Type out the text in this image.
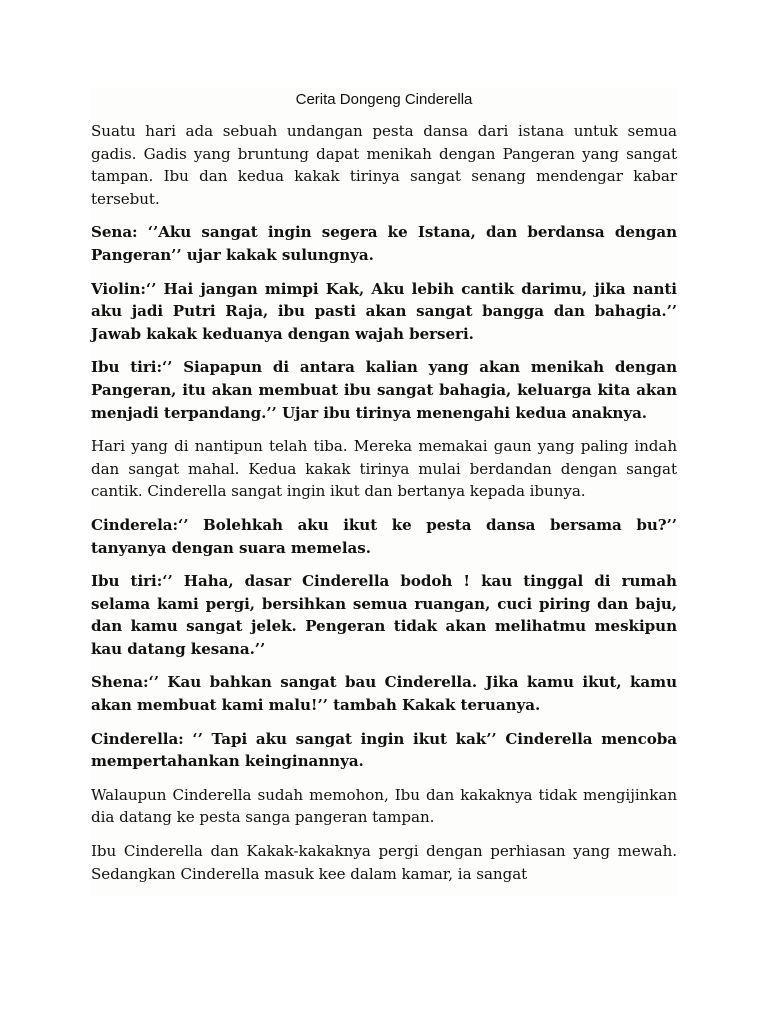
Cerita Dongeng Cinderella

Suatu hari ada sebuah undangan pesta dansa dari istana untuk semua gadis. Gadis yang bruntung dapat menikah dengan Pangeran yang sangat tampan. Ibu dan kedua kakak tirinya sangat senang mendengar kabar tersebut.

Sena: ‘’Aku sangat ingin segera ke Istana, dan berdansa dengan Pangeran’’ ujar kakak sulungnya.

Violin:‘’ Hai jangan mimpi Kak, Aku lebih cantik darimu, jika nanti aku jadi Putri Raja, ibu pasti akan sangat bangga dan bahagia.’’ Jawab kakak keduanya dengan wajah berseri.

Ibu tiri:‘’ Siapapun di antara kalian yang akan menikah dengan Pangeran, itu akan membuat ibu sangat bahagia, keluarga kita akan menjadi terpandang.’’ Ujar ibu tirinya menengahi kedua anaknya.

Hari yang di nantipun telah tiba. Mereka memakai gaun yang paling indah dan sangat mahal. Kedua kakak tirinya mulai berdandan dengan sangat cantik. Cinderella sangat ingin ikut dan bertanya kepada ibunya.

Cinderela:‘’ Bolehkah aku ikut ke pesta dansa bersama bu?’’ tanyanya dengan suara memelas.

Ibu tiri:‘’ Haha, dasar Cinderella bodoh ! kau tinggal di rumah selama kami pergi, bersihkan semua ruangan, cuci piring dan baju, dan kamu sangat jelek. Pengeran tidak akan melihatmu meskipun kau datang kesana.’’

Shena:‘’ Kau bahkan sangat bau Cinderella. Jika kamu ikut, kamu akan membuat kami malu!’’ tambah Kakak teruanya.

Cinderella: ‘’ Tapi aku sangat ingin ikut kak’’ Cinderella mencoba mempertahankan keinginannya.

Walaupun Cinderella sudah memohon, Ibu dan kakaknya tidak mengijinkan dia datang ke pesta sanga pangeran tampan.

Ibu Cinderella dan Kakak-kakaknya pergi dengan perhiasan yang mewah. Sedangkan Cinderella masuk kee dalam kamar, ia sangat
